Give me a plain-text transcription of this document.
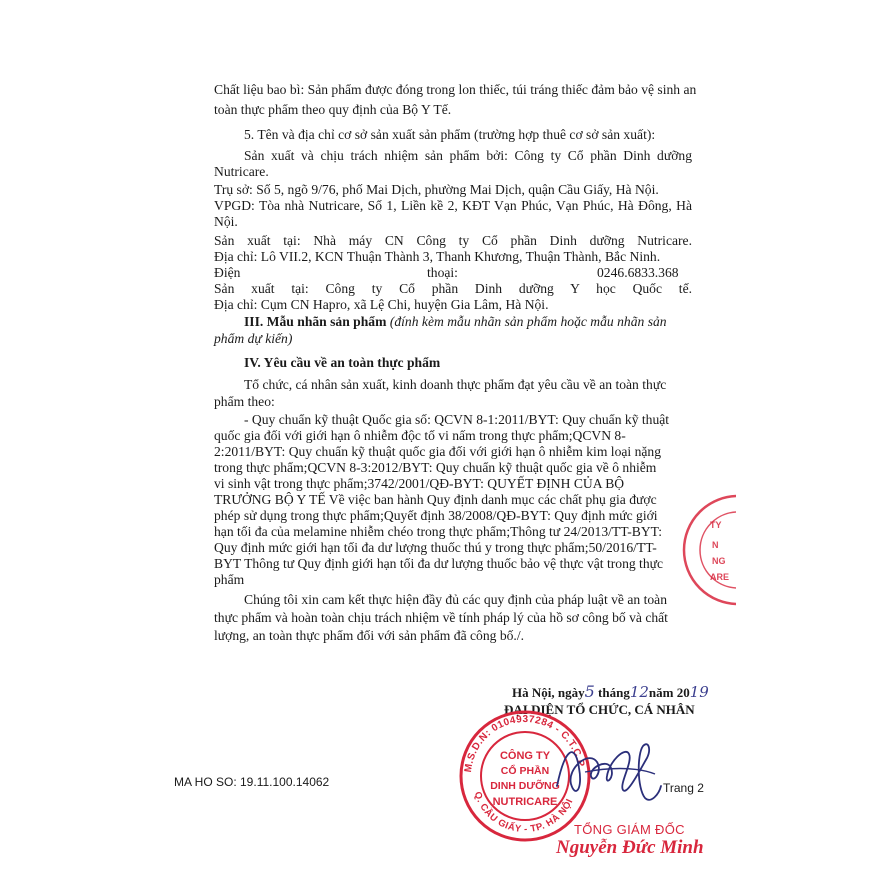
Chất liệu bao bì: Sản phẩm được đóng trong lon thiếc, túi tráng thiếc đảm bảo vệ sinh an
toàn thực phẩm theo quy định của Bộ Y Tế.
5. Tên và địa chỉ cơ sở sản xuất sản phẩm (trường hợp thuê cơ sở sản xuất):
Sản xuất và chịu trách nhiệm sản phẩm bởi: Công ty Cổ phần Dinh dưỡng
Nutricare.
Trụ sở: Số 5, ngõ 9/76, phố Mai Dịch, phường Mai Dịch, quận Cầu Giấy, Hà Nội.
VPGD: Tòa nhà Nutricare, Số 1, Liền kề 2, KĐT Vạn Phúc, Vạn Phúc, Hà Đông, Hà
Nội.
Sản xuất tại: Nhà máy CN Công ty Cổ phần Dinh dưỡng Nutricare.
Địa chỉ: Lô VII.2, KCN Thuận Thành 3, Thanh Khương, Thuận Thành, Bắc Ninh.
Điện	thoại:	0246.6833.368
Sản xuất tại: Công ty Cổ phần Dinh dưỡng Y học Quốc tế.
Địa chỉ: Cụm CN Hapro, xã Lệ Chi, huyện Gia Lâm, Hà Nội.
III. Mẫu nhãn sản phẩm (đính kèm mẫu nhãn sản phẩm hoặc mẫu nhãn sản
phẩm dự kiến)
IV. Yêu cầu về an toàn thực phẩm
Tổ chức, cá nhân sản xuất, kinh doanh thực phẩm đạt yêu cầu về an toàn thực
phẩm theo:
- Quy chuẩn kỹ thuật Quốc gia số: QCVN 8-1:2011/BYT: Quy chuẩn kỹ thuật
quốc gia đối với giới hạn ô nhiễm độc tố vi nấm trong thực phẩm;QCVN 8-
2:2011/BYT: Quy chuẩn kỹ thuật quốc gia đối với giới hạn ô nhiễm kim loại nặng
trong thực phẩm;QCVN 8-3:2012/BYT: Quy chuẩn kỹ thuật quốc gia về ô nhiễm
vi sinh vật trong thực phẩm;3742/2001/QĐ-BYT: QUYẾT ĐỊNH CỦA BỘ
TRƯỞNG BỘ Y TẾ Về việc ban hành Quy định danh mục các chất phụ gia được
phép sử dụng trong thực phẩm;Quyết định 38/2008/QĐ-BYT: Quy định mức giới
hạn tối đa của melamine nhiễm chéo trong thực phẩm;Thông tư 24/2013/TT-BYT:
Quy định mức giới hạn tối đa dư lượng thuốc thú y trong thực phẩm;50/2016/TT-
BYT Thông tư Quy định giới hạn tối đa dư lượng thuốc bảo vệ thực vật trong thực
phẩm
Chúng tôi xin cam kết thực hiện đầy đủ các quy định của pháp luật về an toàn
thực phẩm và hoàn toàn chịu trách nhiệm về tính pháp lý của hồ sơ công bố và chất
lượng, an toàn thực phẩm đối với sản phẩm đã công bố./.
TY
N
NG
ARE
Hà Nội, ngày5 tháng12năm 2019
ĐẠI DIỆN TỔ CHỨC, CÁ NHÂN
M.S.D.N: 0104937284 - C.T.C.P
Q. CẦU GIẤY - TP. HÀ NỘI
CÔNG TY
CỔ PHẦN
DINH DƯỠNG
NUTRICARE
MA HO SO: 19.11.100.14062	Trang 2
TỔNG GIÁM ĐỐC
Nguyễn Đức Minh
